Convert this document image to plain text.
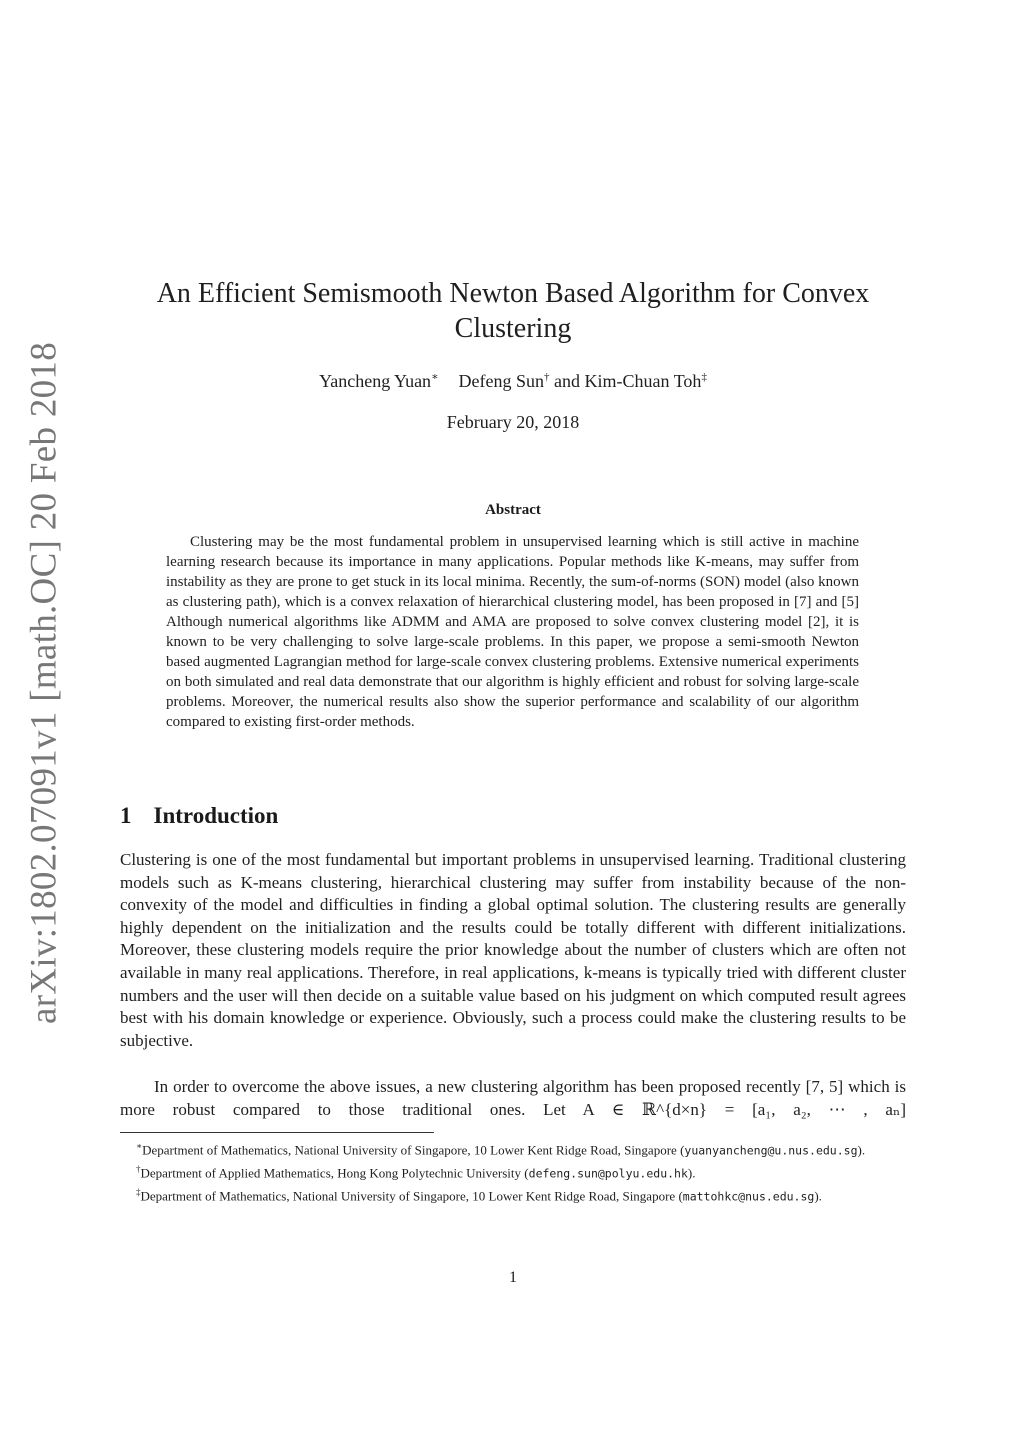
arXiv:1802.07091v1 [math.OC] 20 Feb 2018
An Efficient Semismooth Newton Based Algorithm for Convex
Clustering
Yancheng Yuan∗ Defeng Sun† and Kim-Chuan Toh‡
February 20, 2018
Abstract

Clustering may be the most fundamental problem in unsupervised learning which is still active in machine learning research because its importance in many applications. Popular methods like K-means, may suffer from instability as they are prone to get stuck in its local minima. Recently, the sum-of-norms (SON) model (also known as clustering path), which is a convex relaxation of hierarchical clustering model, has been proposed in [7] and [5] Although numerical algorithms like ADMM and AMA are proposed to solve convex clustering model [2], it is known to be very challenging to solve large-scale problems. In this paper, we propose a semi-smooth Newton based augmented Lagrangian method for large-scale convex clustering problems. Extensive numerical experiments on both simulated and real data demonstrate that our algorithm is highly efficient and robust for solving large-scale problems. Moreover, the numerical results also show the superior performance and scalability of our algorithm compared to existing first-order methods.

1 Introduction

Clustering is one of the most fundamental but important problems in unsupervised learning. Traditional clustering models such as K-means clustering, hierarchical clustering may suffer from instability because of the non-convexity of the model and difficulties in finding a global optimal solution. The clustering results are generally highly dependent on the initialization and the results could be totally different with different initializations. Moreover, these clustering models require the prior knowledge about the number of clusters which are often not available in many real applications. Therefore, in real applications, k-means is typically tried with different cluster numbers and the user will then decide on a suitable value based on his judgment on which computed result agrees best with his domain knowledge or experience. Obviously, such a process could make the clustering results to be subjective.

In order to overcome the above issues, a new clustering algorithm has been proposed recently [7, 5] which is more robust compared to those traditional ones. Let A ∈ ℝ^{d×n} = [a₁, a₂, ⋯ , aₙ]

∗Department of Mathematics, National University of Singapore, 10 Lower Kent Ridge Road, Singapore (yuanyancheng@u.nus.edu.sg).

†Department of Applied Mathematics, Hong Kong Polytechnic University (defeng.sun@polyu.edu.hk).

‡Department of Mathematics, National University of Singapore, 10 Lower Kent Ridge Road, Singapore (mattohkc@nus.edu.sg).

1
